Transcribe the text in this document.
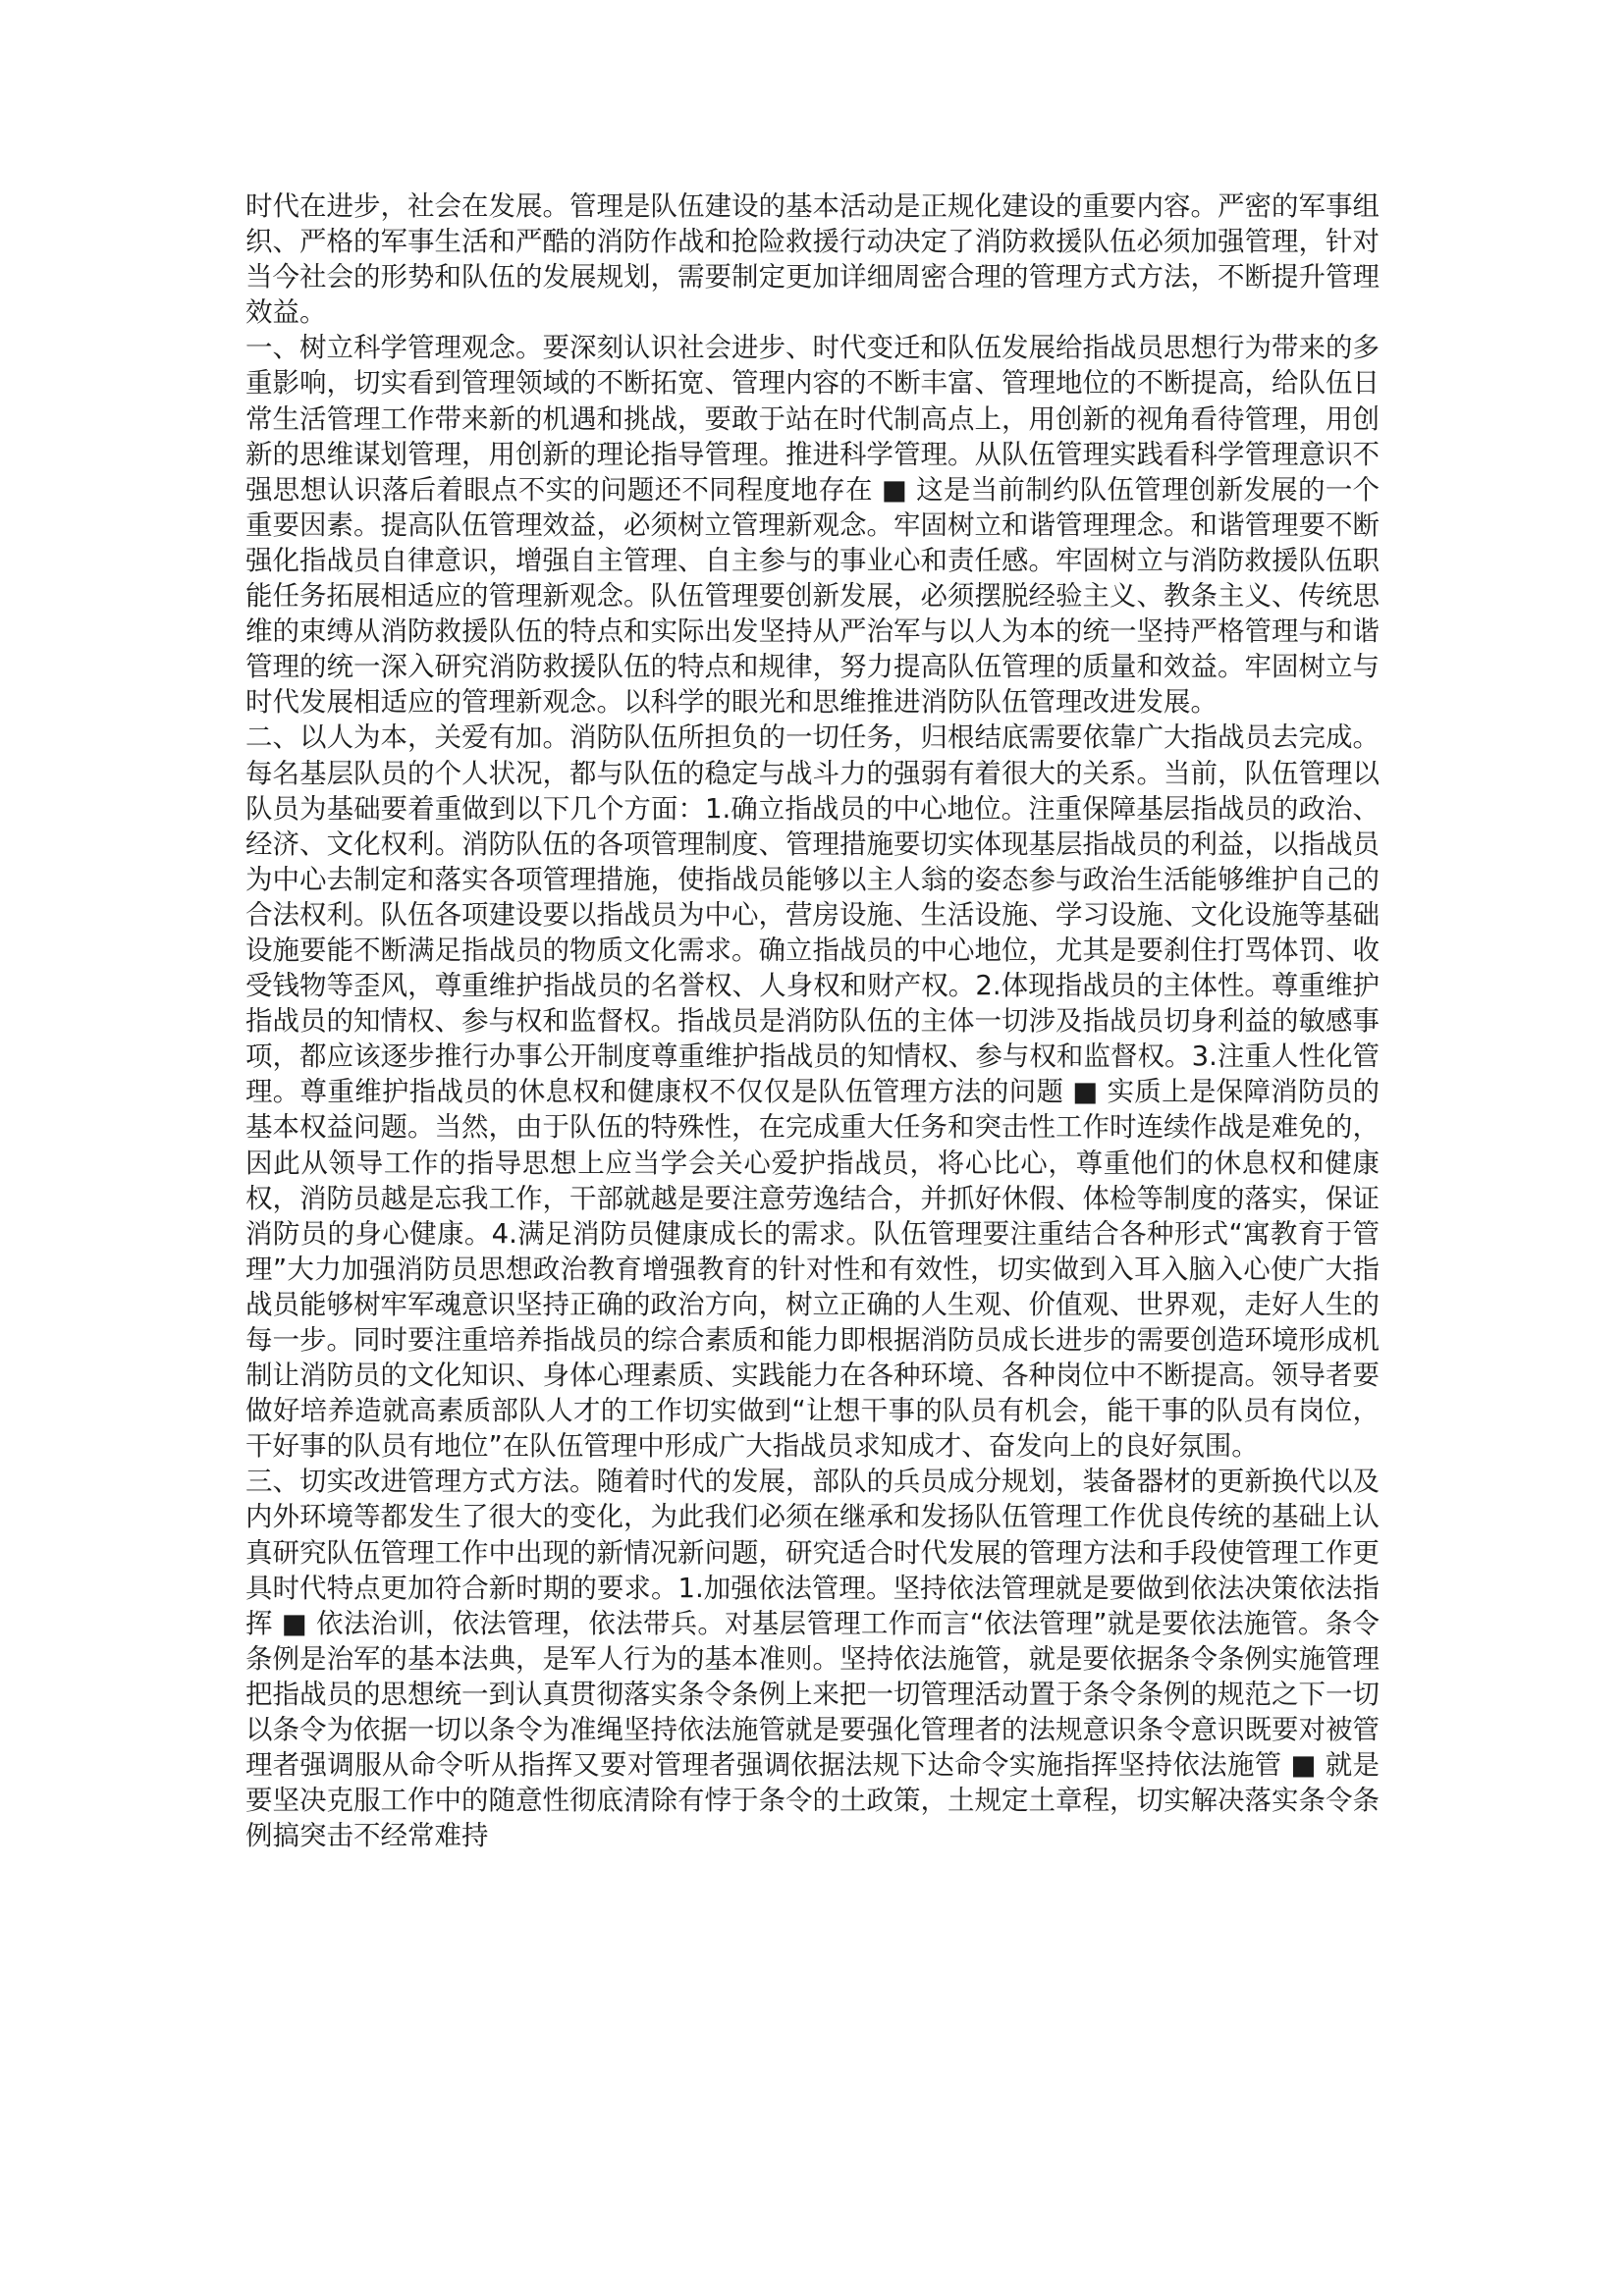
时代在进步，社会在发展。管理是队伍建设的基本活动是正规化建设的重要内容。严密的军事组织、严格的军事生活和严酷的消防作战和抢险救援行动决定了消防救援队伍必须加强管理，针对当今社会的形势和队伍的发展规划，需要制定更加详细周密合理的管理方式方法，不断提升管理效益。

一、树立科学管理观念。要深刻认识社会进步、时代变迁和队伍发展给指战员思想行为带来的多重影响，切实看到管理领域的不断拓宽、管理内容的不断丰富、管理地位的不断提高，给队伍日常生活管理工作带来新的机遇和挑战，要敢于站在时代制高点上，用创新的视角看待管理，用创新的思维谋划管理，用创新的理论指导管理。推进科学管理。从队伍管理实践看科学管理意识不强思想认识落后着眼点不实的问题还不同程度地存在 ■ 这是当前制约队伍管理创新发展的一个重要因素。提高队伍管理效益，必须树立管理新观念。牢固树立和谐管理理念。和谐管理要不断强化指战员自律意识，增强自主管理、自主参与的事业心和责任感。牢固树立与消防救援队伍职能任务拓展相适应的管理新观念。队伍管理要创新发展，必须摆脱经验主义、教条主义、传统思维的束缚从消防救援队伍的特点和实际出发坚持从严治军与以人为本的统一坚持严格管理与和谐管理的统一深入研究消防救援队伍的特点和规律，努力提高队伍管理的质量和效益。牢固树立与时代发展相适应的管理新观念。以科学的眼光和思维推进消防队伍管理改进发展。

二、以人为本，关爱有加。消防队伍所担负的一切任务，归根结底需要依靠广大指战员去完成。每名基层队员的个人状况，都与队伍的稳定与战斗力的强弱有着很大的关系。当前，队伍管理以队员为基础要着重做到以下几个方面：1.确立指战员的中心地位。注重保障基层指战员的政治、经济、文化权利。消防队伍的各项管理制度、管理措施要切实体现基层指战员的利益，以指战员为中心去制定和落实各项管理措施，使指战员能够以主人翁的姿态参与政治生活能够维护自己的合法权利。队伍各项建设要以指战员为中心，营房设施、生活设施、学习设施、文化设施等基础设施要能不断满足指战员的物质文化需求。确立指战员的中心地位，尤其是要刹住打骂体罚、收受钱物等歪风，尊重维护指战员的名誉权、人身权和财产权。2.体现指战员的主体性。尊重维护指战员的知情权、参与权和监督权。指战员是消防队伍的主体一切涉及指战员切身利益的敏感事项，都应该逐步推行办事公开制度尊重维护指战员的知情权、参与权和监督权。3.注重人性化管理。尊重维护指战员的休息权和健康权不仅仅是队伍管理方法的问题 ■ 实质上是保障消防员的基本权益问题。当然，由于队伍的特殊性，在完成重大任务和突击性工作时连续作战是难免的，因此从领导工作的指导思想上应当学会关心爱护指战员，将心比心，尊重他们的休息权和健康权，消防员越是忘我工作，干部就越是要注意劳逸结合，并抓好休假、体检等制度的落实，保证消防员的身心健康。4.满足消防员健康成长的需求。队伍管理要注重结合各种形式“寓教育于管理”大力加强消防员思想政治教育增强教育的针对性和有效性，切实做到入耳入脑入心使广大指战员能够树牢军魂意识坚持正确的政治方向，树立正确的人生观、价值观、世界观，走好人生的每一步。同时要注重培养指战员的综合素质和能力即根据消防员成长进步的需要创造环境形成机制让消防员的文化知识、身体心理素质、实践能力在各种环境、各种岗位中不断提高。领导者要做好培养造就高素质部队人才的工作切实做到“让想干事的队员有机会，能干事的队员有岗位，干好事的队员有地位”在队伍管理中形成广大指战员求知成才、奋发向上的良好氛围。

三、切实改进管理方式方法。随着时代的发展，部队的兵员成分规划，装备器材的更新换代以及内外环境等都发生了很大的变化，为此我们必须在继承和发扬队伍管理工作优良传统的基础上认真研究队伍管理工作中出现的新情况新问题，研究适合时代发展的管理方法和手段使管理工作更具时代特点更加符合新时期的要求。1.加强依法管理。坚持依法管理就是要做到依法决策依法指挥 ■ 依法治训，依法管理，依法带兵。对基层管理工作而言“依法管理”就是要依法施管。条令条例是治军的基本法典，是军人行为的基本准则。坚持依法施管，就是要依据条令条例实施管理把指战员的思想统一到认真贯彻落实条令条例上来把一切管理活动置于条令条例的规范之下一切以条令为依据一切以条令为准绳坚持依法施管就是要强化管理者的法规意识条令意识既要对被管理者强调服从命令听从指挥又要对管理者强调依据法规下达命令实施指挥坚持依法施管 ■ 就是要坚决克服工作中的随意性彻底清除有悖于条令的土政策，土规定土章程，切实解决落实条令条例搞突击不经常难持
